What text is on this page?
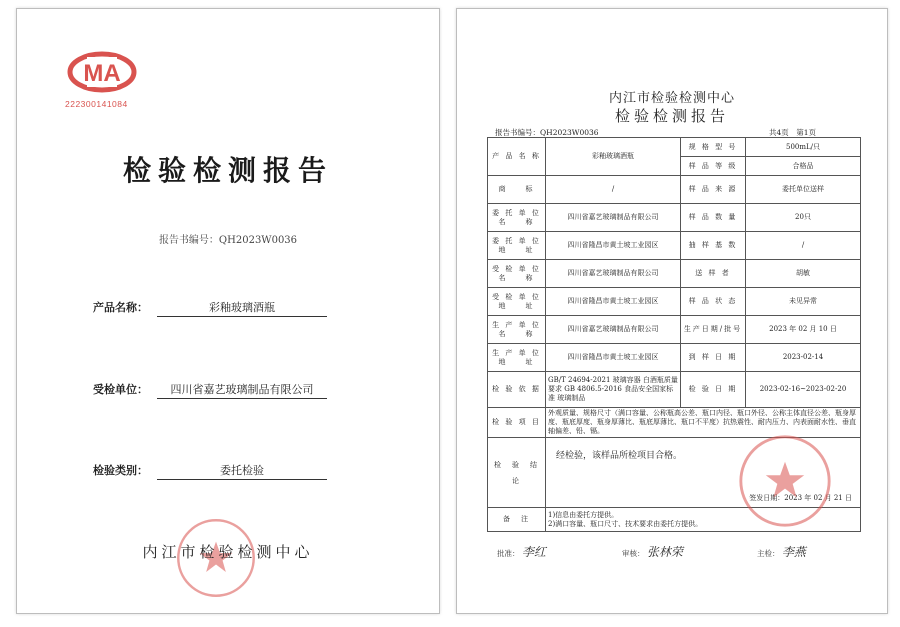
MA
222300141084
检验检测报告
报告书编号：QH2023W0036
产品名称：	彩釉玻璃酒瓶
受检单位：	四川省嘉艺玻璃制品有限公司
检验类别：	委托检验
内江市检验检测中心
内江市检验检测中心
检验检测报告
报告书编号：QH2023W0036	共4页　第1页
产 品 名 称	彩釉玻璃酒瓶	规 格 型 号	500mL/只
		样 品 等 级	合格品
商　　标	/	样 品 来 源	委托单位送样
委 托 单 位 名　　称	四川省嘉艺玻璃制品有限公司	样 品 数 量	20只
委 托 单 位 地　　址	四川省隆昌市黄土坡工业园区	抽 样 基 数	/
受 检 单 位 名　　称	四川省嘉艺玻璃制品有限公司	送 样 者	胡敏
受 检 单 位 地　　址	四川省隆昌市黄土坡工业园区	样 品 状 态	未见异常
生 产 单 位 名　　称	四川省嘉艺玻璃制品有限公司	生产日期/批号	2023 年 02 月 10 日
生 产 单 位 地　　址	四川省隆昌市黄土坡工业园区	到 样 日 期	2023-02-14
检 验 依 据	GB/T 24694-2021 玻璃容器 白酒瓶质量要求 GB 4806.5-2016 食品安全国家标准 玻璃制品	检 验 日 期	2023-02-16~2023-02-20
检 验 项 目	外观质量、规格尺寸（满口容量、公称瓶高公差、瓶口内径、瓶口外径、公称主体直径公差、瓶身厚度、瓶底厚度、瓶身厚薄比、瓶底厚薄比、瓶口不平度）抗热震性、耐内压力、内表面耐水性、垂直轴偏差、铅、镉。		
检　验　结　论	经检验，该样品所检项目合格。
签发日期：2023 年 02 月 21 日		

备　注	1)信息由委托方提供。
2)满口容量、瓶口尺寸、技术要求由委托方提供。		
批准： 李红	审核： 张林荣	主检： 李燕
